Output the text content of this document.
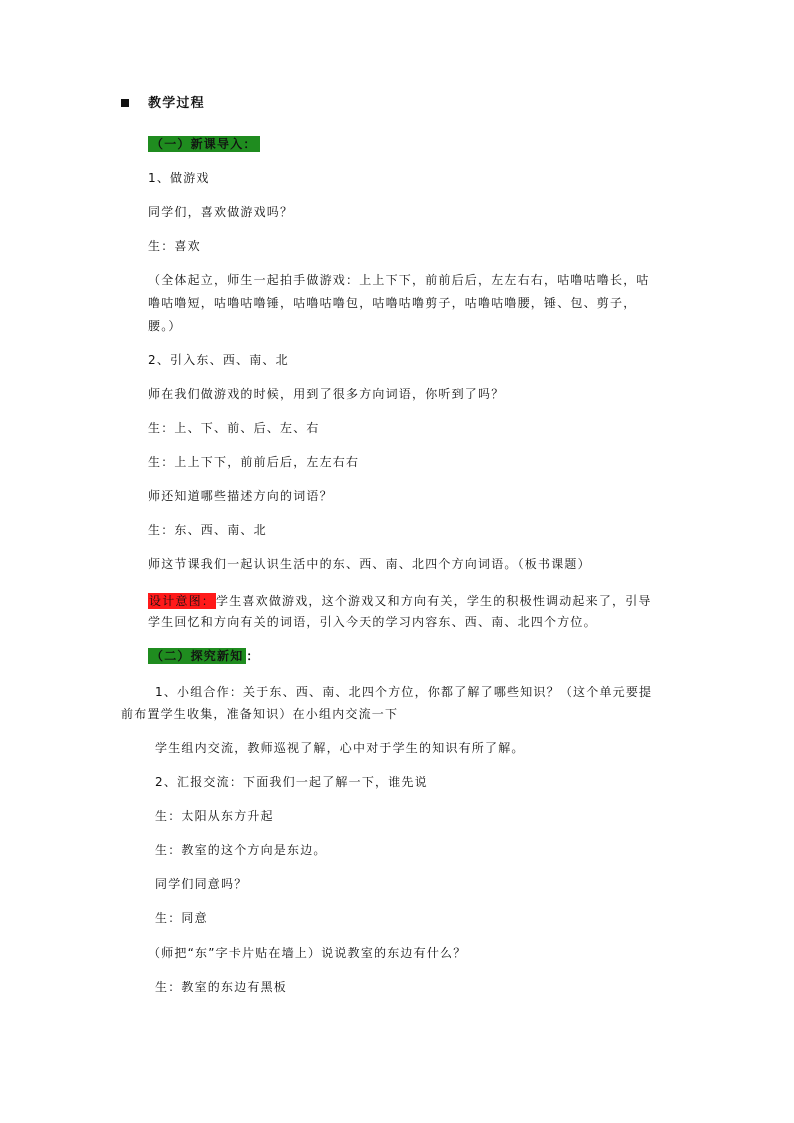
教学过程
（一）新课导入：
1、做游戏
同学们，喜欢做游戏吗？
生：喜欢
（全体起立，师生一起拍手做游戏：上上下下，前前后后，左左右右，咕噜咕噜长，咕
噜咕噜短，咕噜咕噜锤，咕噜咕噜包，咕噜咕噜剪子，咕噜咕噜腰，锤、包、剪子，
腰。）
2、引入东、西、南、北
师在我们做游戏的时候，用到了很多方向词语，你听到了吗？
生：上、下、前、后、左、右
生：上上下下，前前后后，左左右右
师还知道哪些描述方向的词语？
生：东、西、南、北
师这节课我们一起认识生活中的东、西、南、北四个方向词语。（板书课题）
设计意图：学生喜欢做游戏，这个游戏又和方向有关，学生的积极性调动起来了，引导
学生回忆和方向有关的词语，引入今天的学习内容东、西、南、北四个方位。
（二）探究新知 ：
1、小组合作：关于东、西、南、北四个方位，你都了解了哪些知识？（这个单元要提
前布置学生收集，准备知识）在小组内交流一下
学生组内交流，教师巡视了解，心中对于学生的知识有所了解。
2、汇报交流：下面我们一起了解一下，谁先说
生：太阳从东方升起
生：教室的这个方向是东边。
同学们同意吗？
生：同意
（师把“东”字卡片贴在墙上）说说教室的东边有什么？
生：教室的东边有黑板
